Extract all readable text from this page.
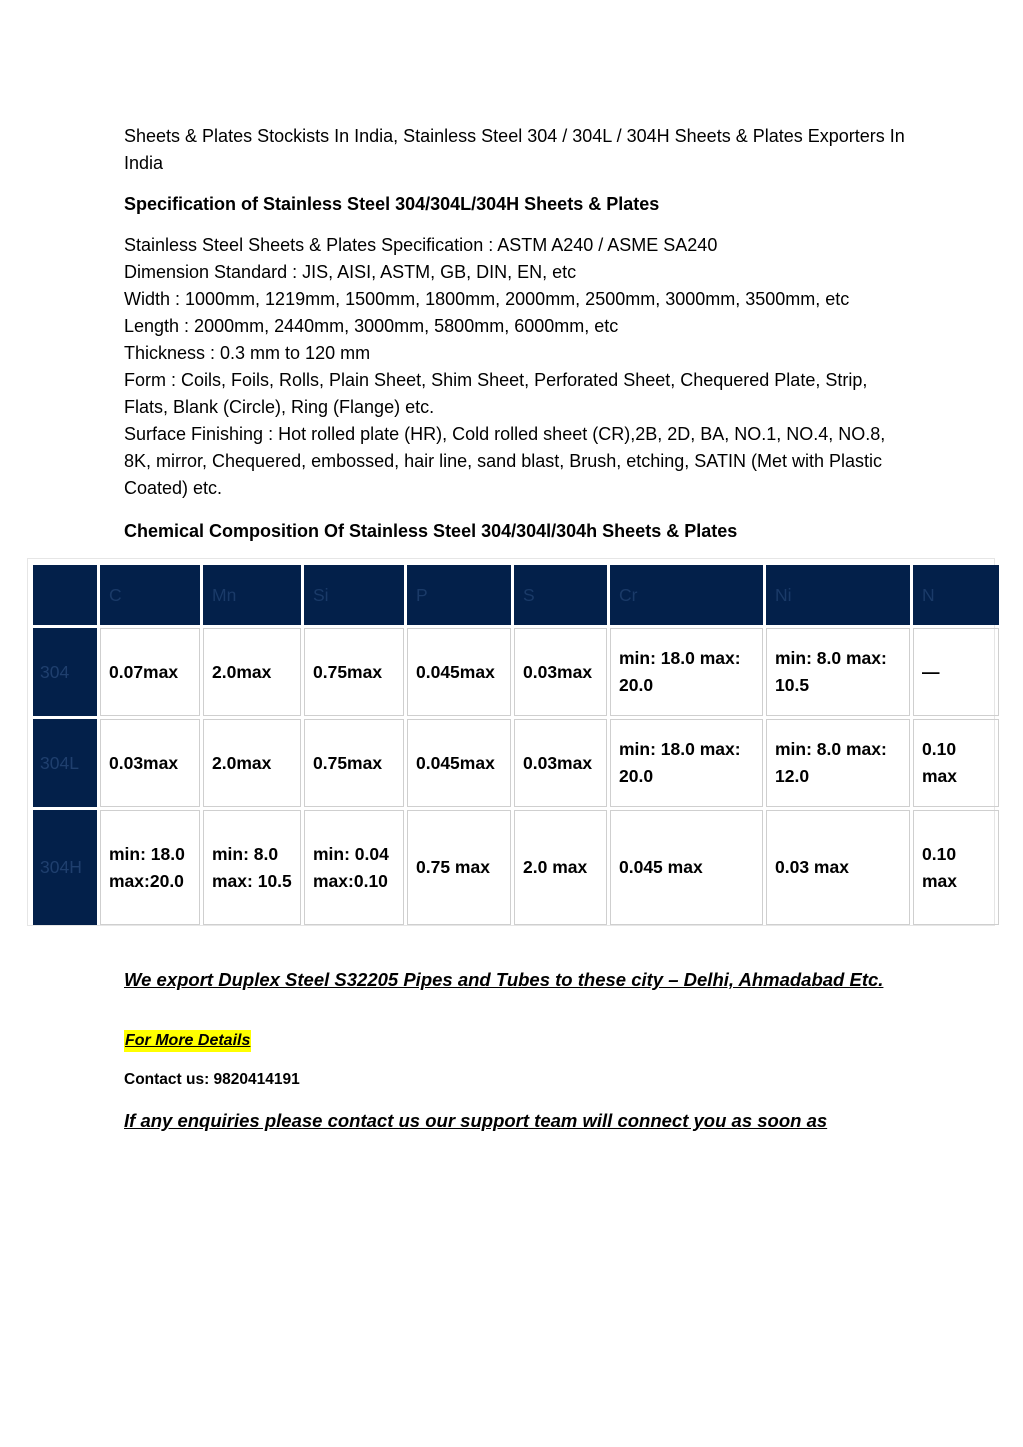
Sheets & Plates Stockists In India, Stainless Steel 304 / 304L / 304H Sheets & Plates Exporters In India

Specification of Stainless Steel 304/304L/304H Sheets & Plates

Stainless Steel Sheets & Plates Specification : ASTM A240 / ASME SA240
Dimension Standard : JIS, AISI, ASTM, GB, DIN, EN, etc
Width : 1000mm, 1219mm, 1500mm, 1800mm, 2000mm, 2500mm, 3000mm, 3500mm, etc
Length : 2000mm, 2440mm, 3000mm, 5800mm, 6000mm, etc
Thickness : 0.3 mm to 120 mm
Form : Coils, Foils, Rolls, Plain Sheet, Shim Sheet, Perforated Sheet, Chequered Plate, Strip, Flats, Blank (Circle), Ring (Flange) etc.
Surface Finishing : Hot rolled plate (HR), Cold rolled sheet (CR),2B, 2D, BA, NO.1, NO.4, NO.8, 8K, mirror, Chequered, embossed, hair line, sand blast, Brush, etching, SATIN (Met with Plastic Coated) etc.

Chemical Composition Of Stainless Steel 304/304l/304h Sheets & Plates

	C	Mn	Si	P	S	Cr	Ni	N
304	0.07max	2.0max	0.75max	0.045max	0.03max	min: 18.0 max: 20.0	min: 8.0 max: 10.5	—
304L	0.03max	2.0max	0.75max	0.045max	0.03max	min: 18.0 max: 20.0	min: 8.0 max: 12.0	0.10 max
304H	min: 18.0 max:20.0	min: 8.0 max: 10.5	min: 0.04 max:0.10	0.75 max	2.0 max	0.045 max	0.03 max	0.10 max

We export Duplex Steel S32205 Pipes and Tubes to these city – Delhi, Ahmadabad Etc.

For More Details

Contact us: 9820414191

If any enquiries please contact us our support team will connect you as soon as
